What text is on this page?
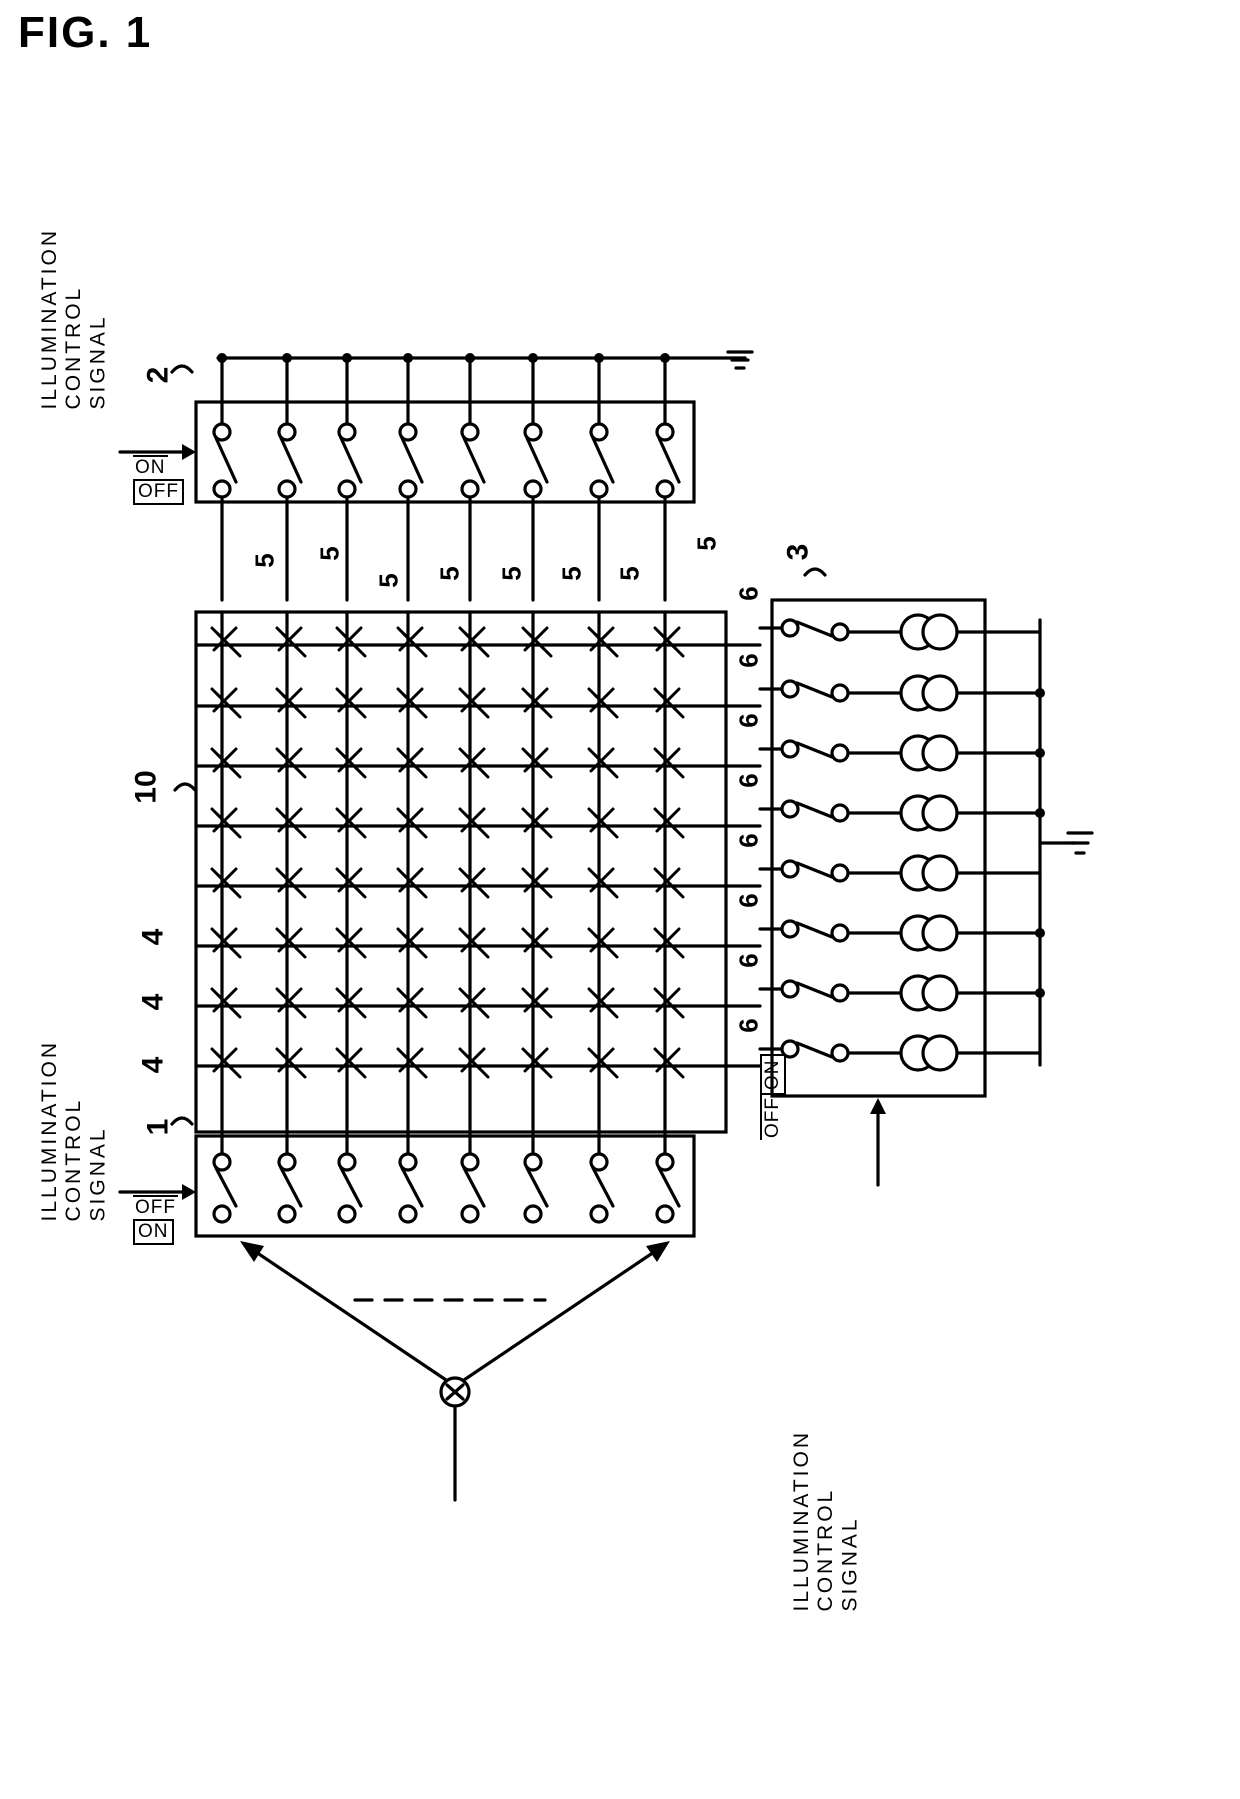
FIG. 1
ILLUMINATION
CONTROL
SIGNAL
ILLUMINATION
CONTROL
SIGNAL
ILLUMINATION
CONTROL
SIGNAL
ONOFF
OFFON
OFFON
2
1
3
10
4
4
4
5 5
5 5 5 5 5
5
6
6
6
6
6
6
6
6
